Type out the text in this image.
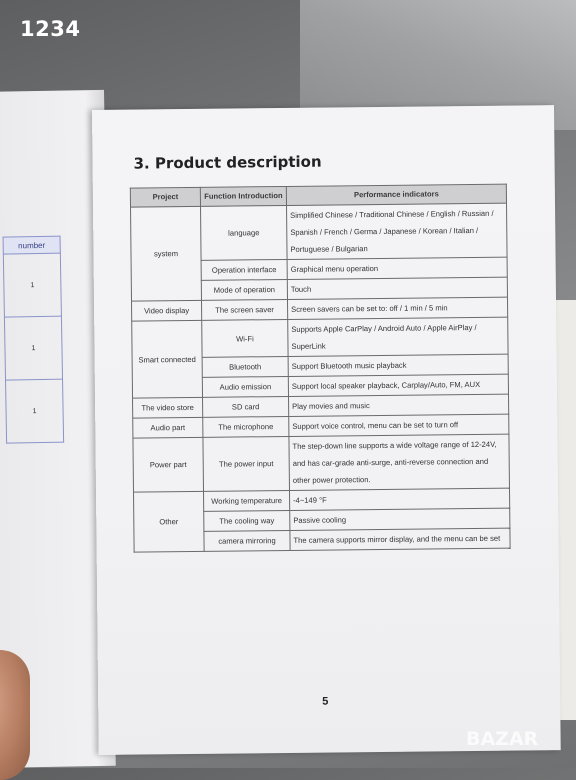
number
1
1
1
3. Product description
Project	Function Introduction	Performance indicators
system	language	Simplified Chinese / Traditional Chinese / English / Russian / Spanish / French / Germa / Japanese / Korean / Italian / Portuguese / Bulgarian
	Operation interface	Graphical menu operation
	Mode of operation	Touch
Video display	The screen saver	Screen savers can be set to: off / 1 min / 5 min
Smart connected	Wi-Fi	Supports Apple CarPlay / Android Auto / Apple AirPlay / SuperLink
	Bluetooth	Support Bluetooth music playback
	Audio emission	Support local speaker playback, Carplay/Auto, FM, AUX
The video store	SD card	Play movies and music
Audio part	The microphone	Support voice control, menu can be set to turn off
Power part	The power input	The step-down line supports a wide voltage range of 12-24V, and has car-grade anti-surge, anti-reverse connection and other power protection.
Other	Working temperature	-4~149 °F
	The cooling way	Passive cooling
	camera mirroring	The camera supports mirror display, and the menu can be set
5
1234
BAZAR
